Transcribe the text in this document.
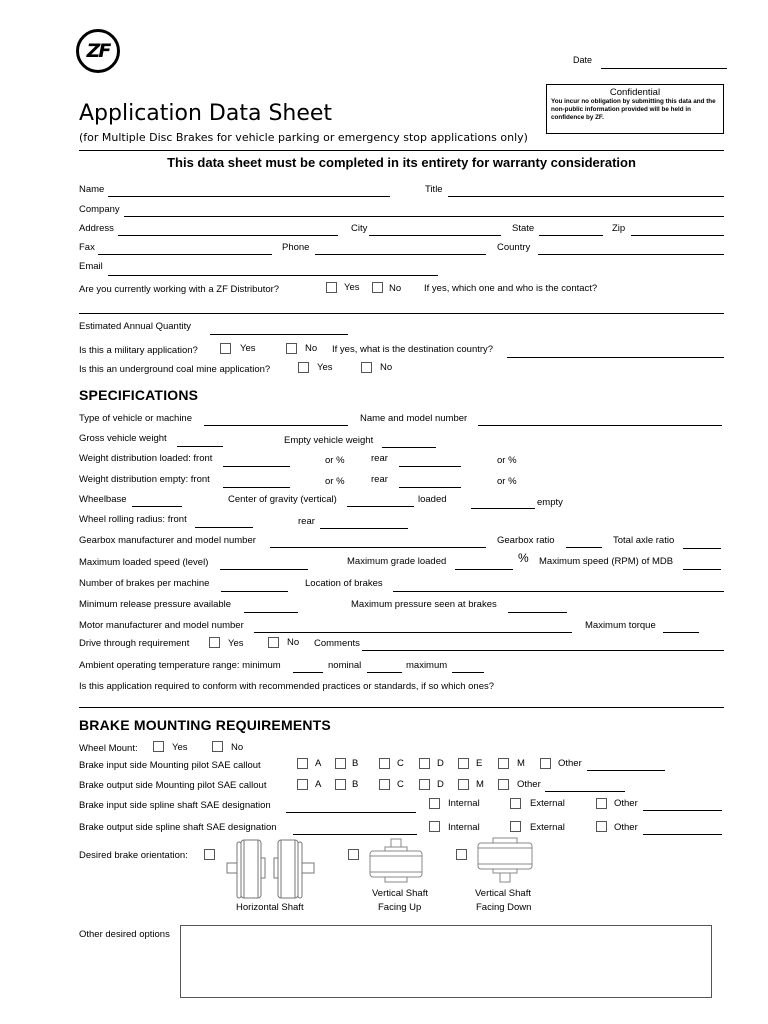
ZF	Date
Confidential
You incur no obligation by submitting this data and the non-public information provided will be held in confidence by ZF.
Application Data Sheet
(for Multiple Disc Brakes for vehicle parking or emergency stop applications only)
This data sheet must be completed in its entirety for warranty consideration
Name	Title
Company
Address	City	State	Zip
Fax	Phone	Country
Email
Are you currently working with a ZF Distributor?	Yes	No If yes, which one and who is the contact?
Estimated Annual Quantity
Is this a military application?	Yes	No If yes, what is the destination country?
Is this an underground coal mine application?	Yes	No
SPECIFICATIONS
Type of vehicle or machine	Name and model number
Gross vehicle weight	Empty vehicle weight
Weight distribution loaded: front	or %	rear	or %
Weight distribution empty: front	or %	rear	or %
Wheelbase	Center of gravity (vertical)	loaded	empty
Wheel rolling radius: front	rear
Gearbox manufacturer and model number	Gearbox ratio	Total axle ratio
Maximum loaded speed (level)	Maximum grade loaded	% Maximum speed (RPM) of MDB
Number of brakes per machine	Location of brakes
Minimum release pressure available	Maximum pressure seen at brakes
Motor manufacturer and model number	Maximum torque
Drive through requirement	Yes	No Comments
Ambient operating temperature range: minimum	nominal	maximum
Is this application required to conform with recommended practices or standards, if so which ones?
BRAKE MOUNTING REQUIREMENTS
Wheel Mount:	Yes	No
Brake input side Mounting pilot SAE callout	A	B	C	D	E	M	Other
Brake output side Mounting pilot SAE callout	A	B	C	D	M	Other
Brake input side spline shaft SAE designation	Internal	External	Other
Brake output side spline shaft SAE designation	Internal	External	Other
Desired brake orientation:
Horizontal Shaft
Vertical Shaft
Facing Up
Vertical Shaft
Facing Down
Other desired options
